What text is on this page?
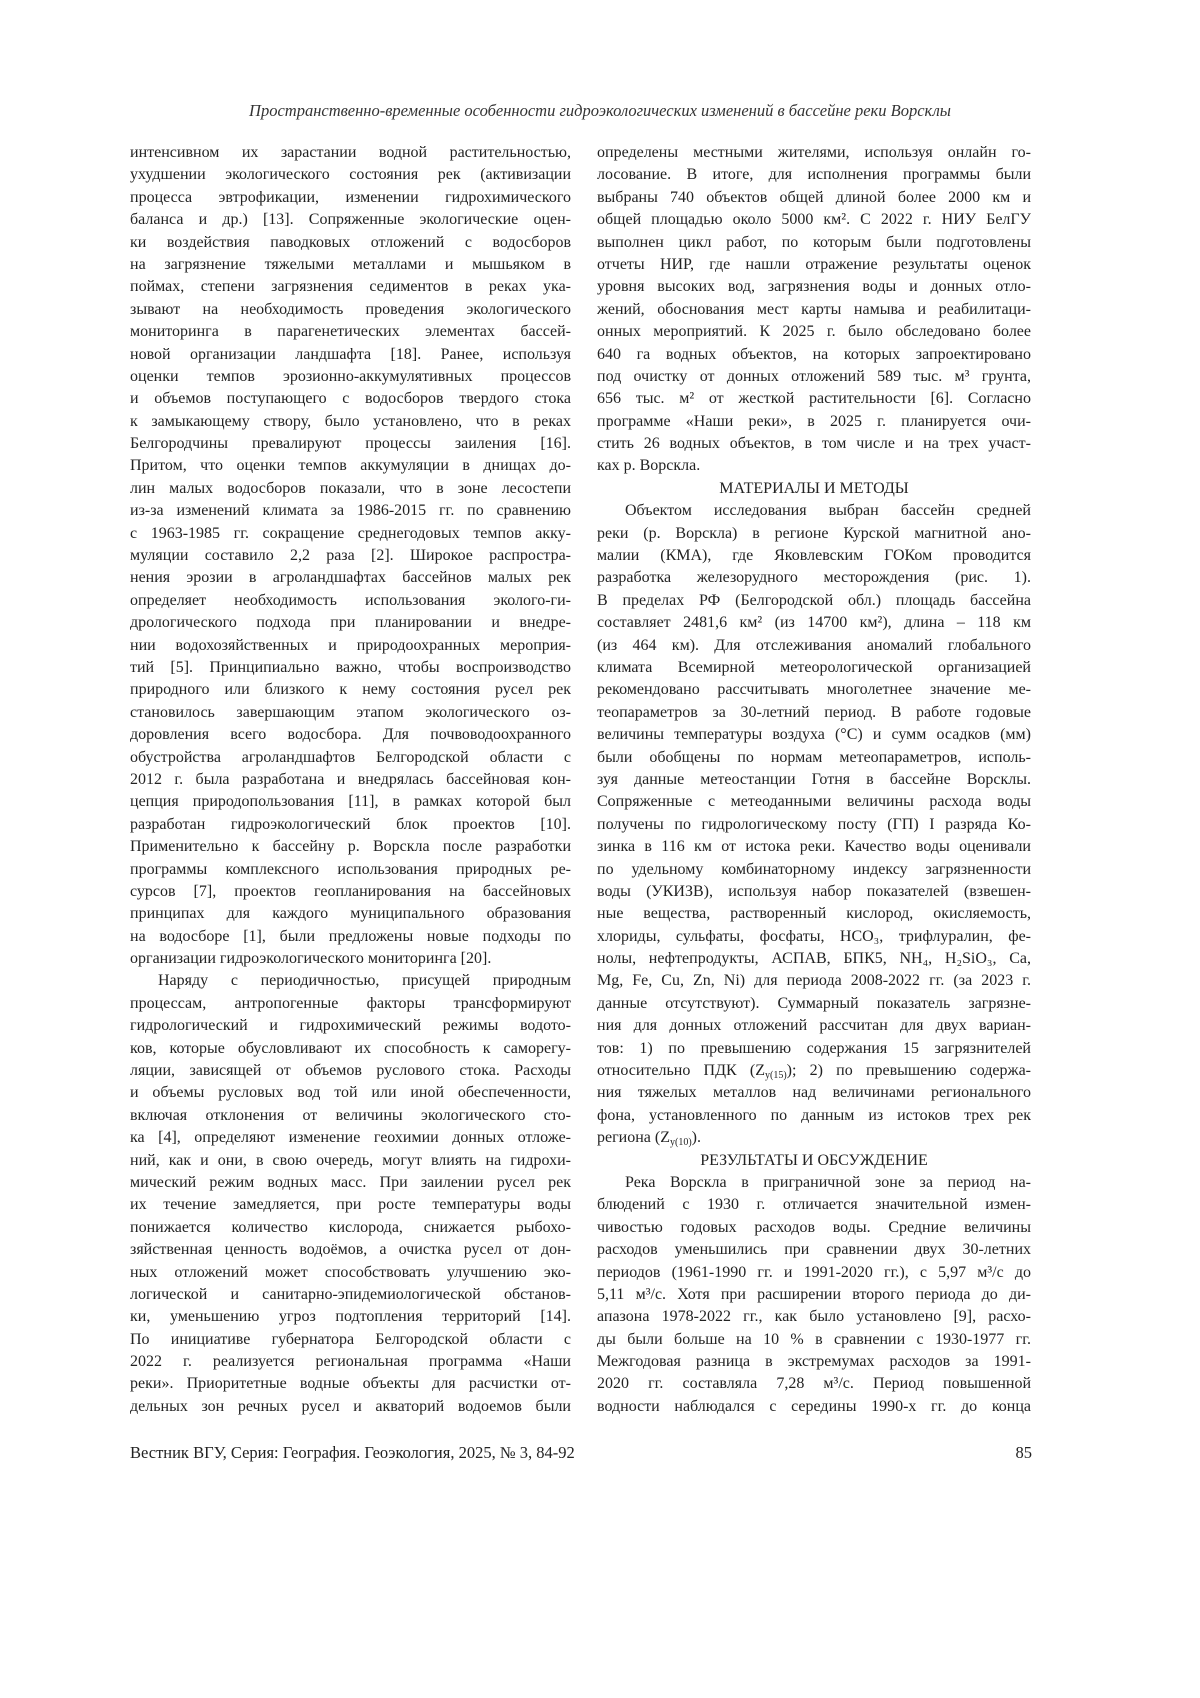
Пространственно-временные особенности гидроэкологических изменений в бассейне реки Ворсклы
интенсивном их зарастании водной растительностью,
ухудшении экологического состояния рек (активизации
процесса эвтрофикации, изменении гидрохимического
баланса и др.) [13]. Сопряженные экологические оцен-
ки воздействия паводковых отложений с водосборов
на загрязнение тяжелыми металлами и мышьяком в
поймах, степени загрязнения седиментов в реках ука-
зывают на необходимость проведения экологического
мониторинга в парагенетических элементах бассей-
новой организации ландшафта [18]. Ранее, используя
оценки темпов эрозионно-аккумулятивных процессов
и объемов поступающего с водосборов твердого стока
к замыкающему створу, было установлено, что в реках
Белгородчины превалируют процессы заиления [16].
Притом, что оценки темпов аккумуляции в днищах до-
лин малых водосборов показали, что в зоне лесостепи
из-за изменений климата за 1986-2015 гг. по сравнению
с 1963-1985 гг. сокращение среднегодовых темпов акку-
муляции составило 2,2 раза [2]. Широкое распростра-
нения эрозии в агроландшафтах бассейнов малых рек
определяет необходимость использования эколого-ги-
дрологического подхода при планировании и внедре-
нии водохозяйственных и природоохранных мероприя-
тий [5]. Принципиально важно, чтобы воспроизводство
природного или близкого к нему состояния русел рек
становилось завершающим этапом экологического оз-
доровления всего водосбора. Для почвоводоохранного
обустройства агроландшафтов Белгородской области с
2012 г. была разработана и внедрялась бассейновая кон-
цепция природопользования [11], в рамках которой был
разработан гидроэкологический блок проектов [10].
Применительно к бассейну р. Ворскла после разработки
программы комплексного использования природных ре-
сурсов [7], проектов геопланирования на бассейновых
принципах для каждого муниципального образования
на водосборе [1], были предложены новые подходы по
организации гидроэкологического мониторинга [20].
Наряду с периодичностью, присущей природным
процессам, антропогенные факторы трансформируют
гидрологический и гидрохимический режимы водото-
ков, которые обусловливают их способность к саморегу-
ляции, зависящей от объемов руслового стока. Расходы
и объемы русловых вод той или иной обеспеченности,
включая отклонения от величины экологического сто-
ка [4], определяют изменение геохимии донных отложе-
ний, как и они, в свою очередь, могут влиять на гидрохи-
мический режим водных масс. При заилении русел рек
их течение замедляется, при росте температуры воды
понижается количество кислорода, снижается рыбохо-
зяйственная ценность водоёмов, а очистка русел от дон-
ных отложений может способствовать улучшению эко-
логической и санитарно-эпидемиологической обстанов-
ки, уменьшению угроз подтопления территорий [14].
По инициативе губернатора Белгородской области с
2022 г. реализуется региональная программа «Наши
реки». Приоритетные водные объекты для расчистки от-
дельных зон речных русел и акваторий водоемов были
определены местными жителями, используя онлайн го-
лосование. В итоге, для исполнения программы были
выбраны 740 объектов общей длиной более 2000 км и
общей площадью около 5000 км². С 2022 г. НИУ БелГУ
выполнен цикл работ, по которым были подготовлены
отчеты НИР, где нашли отражение результаты оценок
уровня высоких вод, загрязнения воды и донных отло-
жений, обоснования мест карты намыва и реабилитаци-
онных мероприятий. К 2025 г. было обследовано более
640 га водных объектов, на которых запроектировано
под очистку от донных отложений 589 тыс. м³ грунта,
656 тыс. м² от жесткой растительности [6]. Согласно
программе «Наши реки», в 2025 г. планируется очи-
стить 26 водных объектов, в том числе и на трех участ-
ках р. Ворскла.
МАТЕРИАЛЫ И МЕТОДЫ
Объектом исследования выбран бассейн средней
реки (р. Ворскла) в регионе Курской магнитной ано-
малии (КМА), где Яковлевским ГОКом проводится
разработка железорудного месторождения (рис. 1).
В пределах РФ (Белгородской обл.) площадь бассейна
составляет 2481,6 км² (из 14700 км²), длина – 118 км
(из 464 км). Для отслеживания аномалий глобального
климата Всемирной метеорологической организацией
рекомендовано рассчитывать многолетнее значение ме-
теопараметров за 30-летний период. В работе годовые
величины температуры воздуха (°С) и сумм осадков (мм)
были обобщены по нормам метеопараметров, исполь-
зуя данные метеостанции Готня в бассейне Ворсклы.
Сопряженные с метеоданными величины расхода воды
получены по гидрологическому посту (ГП) I разряда Ко-
зинка в 116 км от истока реки. Качество воды оценивали
по удельному комбинаторному индексу загрязненности
воды (УКИЗВ), используя набор показателей (взвешен-
ные вещества, растворенный кислород, окисляемость,
хлориды, сульфаты, фосфаты, HCO₃, трифлуралин, фе-
нолы, нефтепродукты, АСПАВ, БПК5, NH₄, H₂SiO₃, Ca,
Mg, Fe, Cu, Zn, Ni) для периода 2008-2022 гг. (за 2023 г.
данные отсутствуют). Суммарный показатель загрязне-
ния для донных отложений рассчитан для двух вариан-
тов: 1) по превышению содержания 15 загрязнителей
относительно ПДК (Zу(15)); 2) по превышению содержа-
ния тяжелых металлов над величинами регионального
фона, установленного по данным из истоков трех рек
региона (Zу(10)).
РЕЗУЛЬТАТЫ И ОБСУЖДЕНИЕ
Река Ворскла в приграничной зоне за период на-
блюдений с 1930 г. отличается значительной измен-
чивостью годовых расходов воды. Средние величины
расходов уменьшились при сравнении двух 30-летних
периодов (1961-1990 гг. и 1991-2020 гг.), с 5,97 м³/с до
5,11 м³/с. Хотя при расширении второго периода до ди-
апазона 1978-2022 гг., как было установлено [9], расхо-
ды были больше на 10 % в сравнении с 1930-1977 гг.
Межгодовая разница в экстремумах расходов за 1991-
2020 гг. составляла 7,28 м³/с. Период повышенной
водности наблюдался с середины 1990-х гг. до конца
Вестник ВГУ, Серия: География. Геоэкология, 2025, № 3, 84-92	85
